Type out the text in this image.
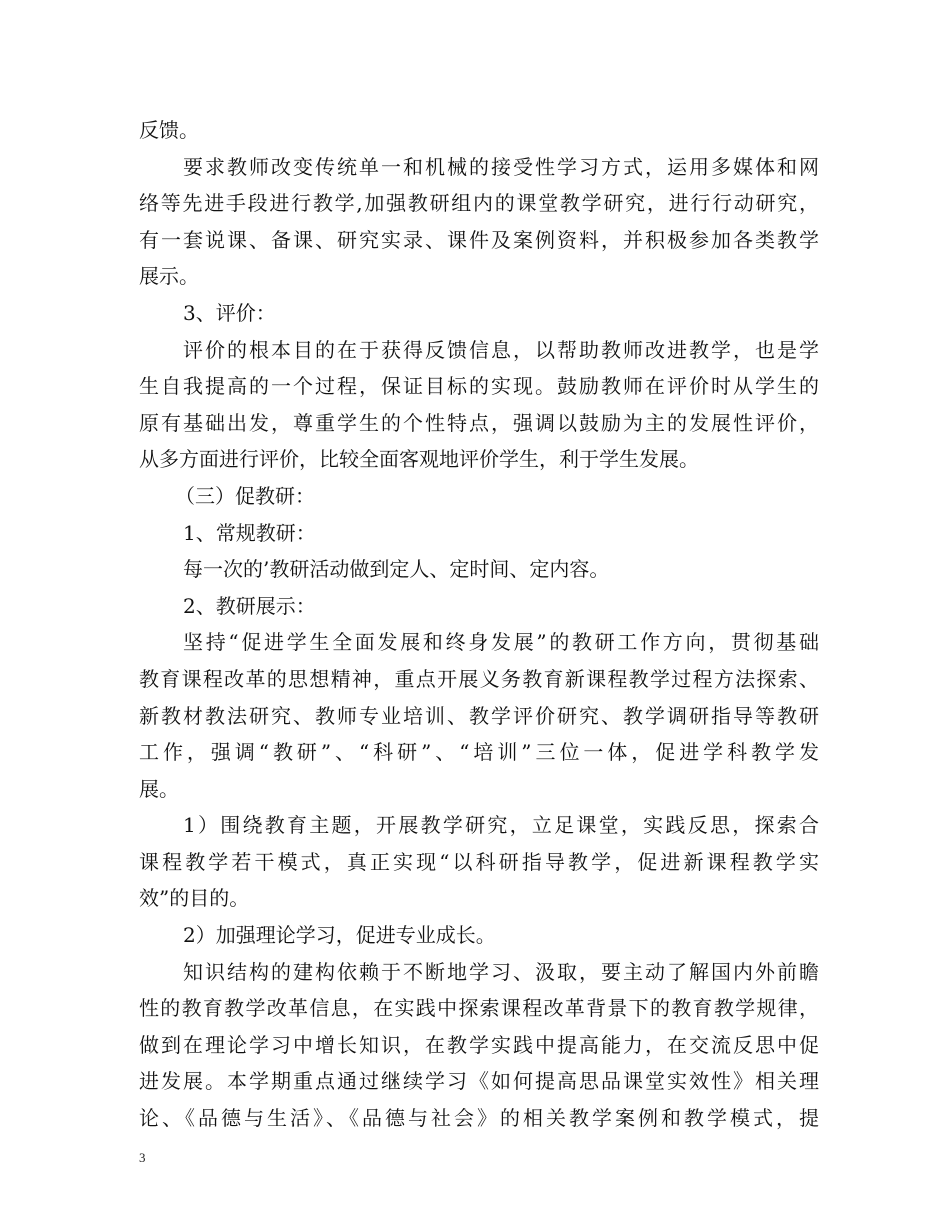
反馈。

要求教师改变传统单一和机械的接受性学习方式，运用多媒体和网

络等先进手段进行教学,加强教研组内的课堂教学研究，进行行动研究，

有一套说课、备课、研究实录、课件及案例资料，并积极参加各类教学

展示。

3、评价：

评价的根本目的在于获得反馈信息，以帮助教师改进教学，也是学

生自我提高的一个过程，保证目标的实现。鼓励教师在评价时从学生的

原有基础出发，尊重学生的个性特点，强调以鼓励为主的发展性评价，

从多方面进行评价，比较全面客观地评价学生，利于学生发展。

（三）促教研：

1、常规教研：

每一次的’教研活动做到定人、定时间、定内容。

2、教研展示：

坚持“促进学生全面发展和终身发展”的教研工作方向，贯彻基础

教育课程改革的思想精神，重点开展义务教育新课程教学过程方法探索、

新教材教法研究、教师专业培训、教学评价研究、教学调研指导等教研

工作，强调“教研”、“科研”、“培训”三位一体，促进学科教学发

展。

1）围绕教育主题，开展教学研究，立足课堂，实践反思，探索合

课程教学若干模式，真正实现“以科研指导教学，促进新课程教学实

效”的目的。

2）加强理论学习，促进专业成长。

知识结构的建构依赖于不断地学习、汲取，要主动了解国内外前瞻

性的教育教学改革信息，在实践中探索课程改革背景下的教育教学规律，

做到在理论学习中增长知识，在教学实践中提高能力，在交流反思中促

进发展。本学期重点通过继续学习《如何提高思品课堂实效性》相关理

论、《品德与生活》、《品德与社会》的相关教学案例和教学模式，提

3
